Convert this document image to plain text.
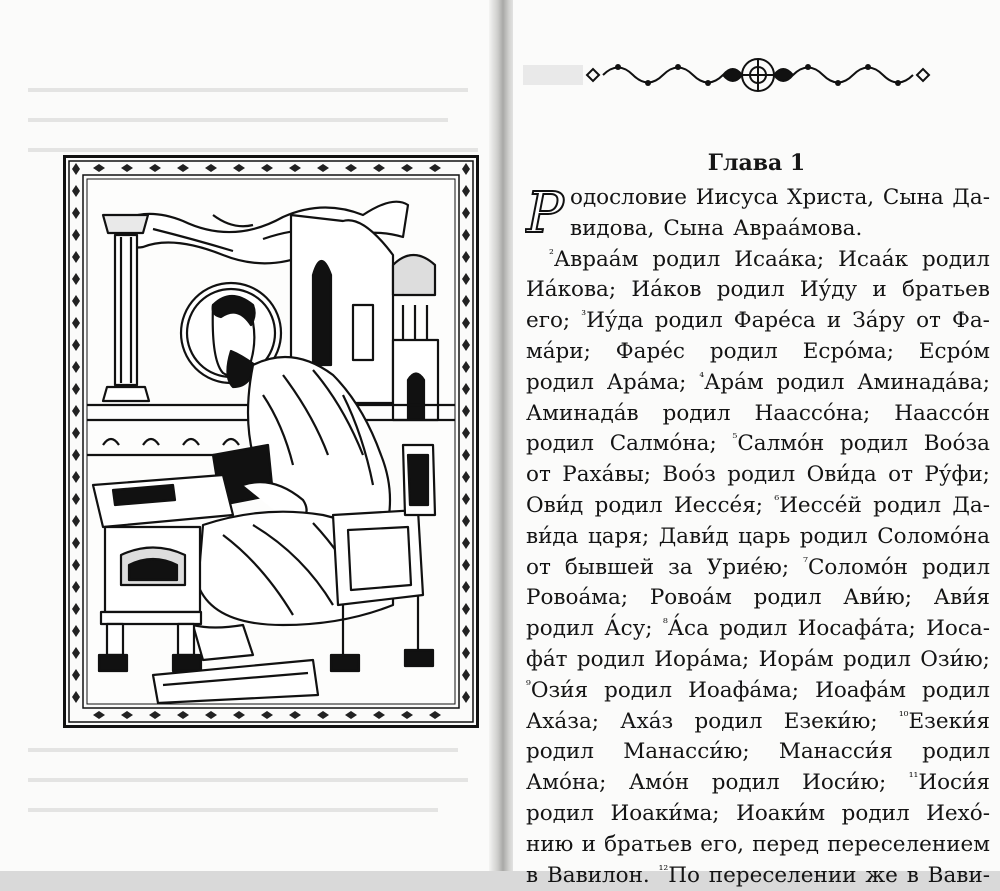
Глава 1
Р одословие Иисуса Христа, Сына Да-
видова, Сына Авраа́мова.
$^{^2}$Авраа́м родил Исаа́ка; Исаа́к родил
Иа́кова; Иа́ков родил Иу́ду и братьев
его; $^{^3}$Иу́да родил Фаре́са и За́ру от Фа-
ма́ри; Фаре́с родил Есро́ма; Есро́м
родил Ара́ма; $^{^4}$Ара́м родил Аминада́ва;
Аминада́в родил Наассо́на; Наассо́н
родил Салмо́на; $^{^5}$Салмо́н родил Воо́за
от Раха́вы; Воо́з родил Ови́да от Ру́фи;
Ови́д родил Иессе́я; $^{^6}$Иессе́й родил Да-
ви́да царя; Дави́д царь родил Соломо́на
от бывшей за Урие́ю; $^{^7}$Соломо́н родил
Ровоа́ма; Ровоа́м родил Ави́ю; Ави́я
родил А́су; $^{^8}$А́са родил Иосафа́та; Иоса-
фа́т родил Иора́ма; Иора́м родил Ози́ю;
$^{^9}$Ози́я родил Иоафа́ма; Иоафа́м родил
Аха́за; Аха́з родил Езеки́ю; $^{^{10}}$Езеки́я
родил Манасси́ю; Манасси́я родил
Амо́на; Амо́н родил Иоси́ю; $^{^{11}}$Иоси́я
родил Иоаки́ма; Иоаки́м родил Иехо́-
нию и братьев его, перед переселением
в Вавилон. $^{^{12}}$По переселении же в Вави-
